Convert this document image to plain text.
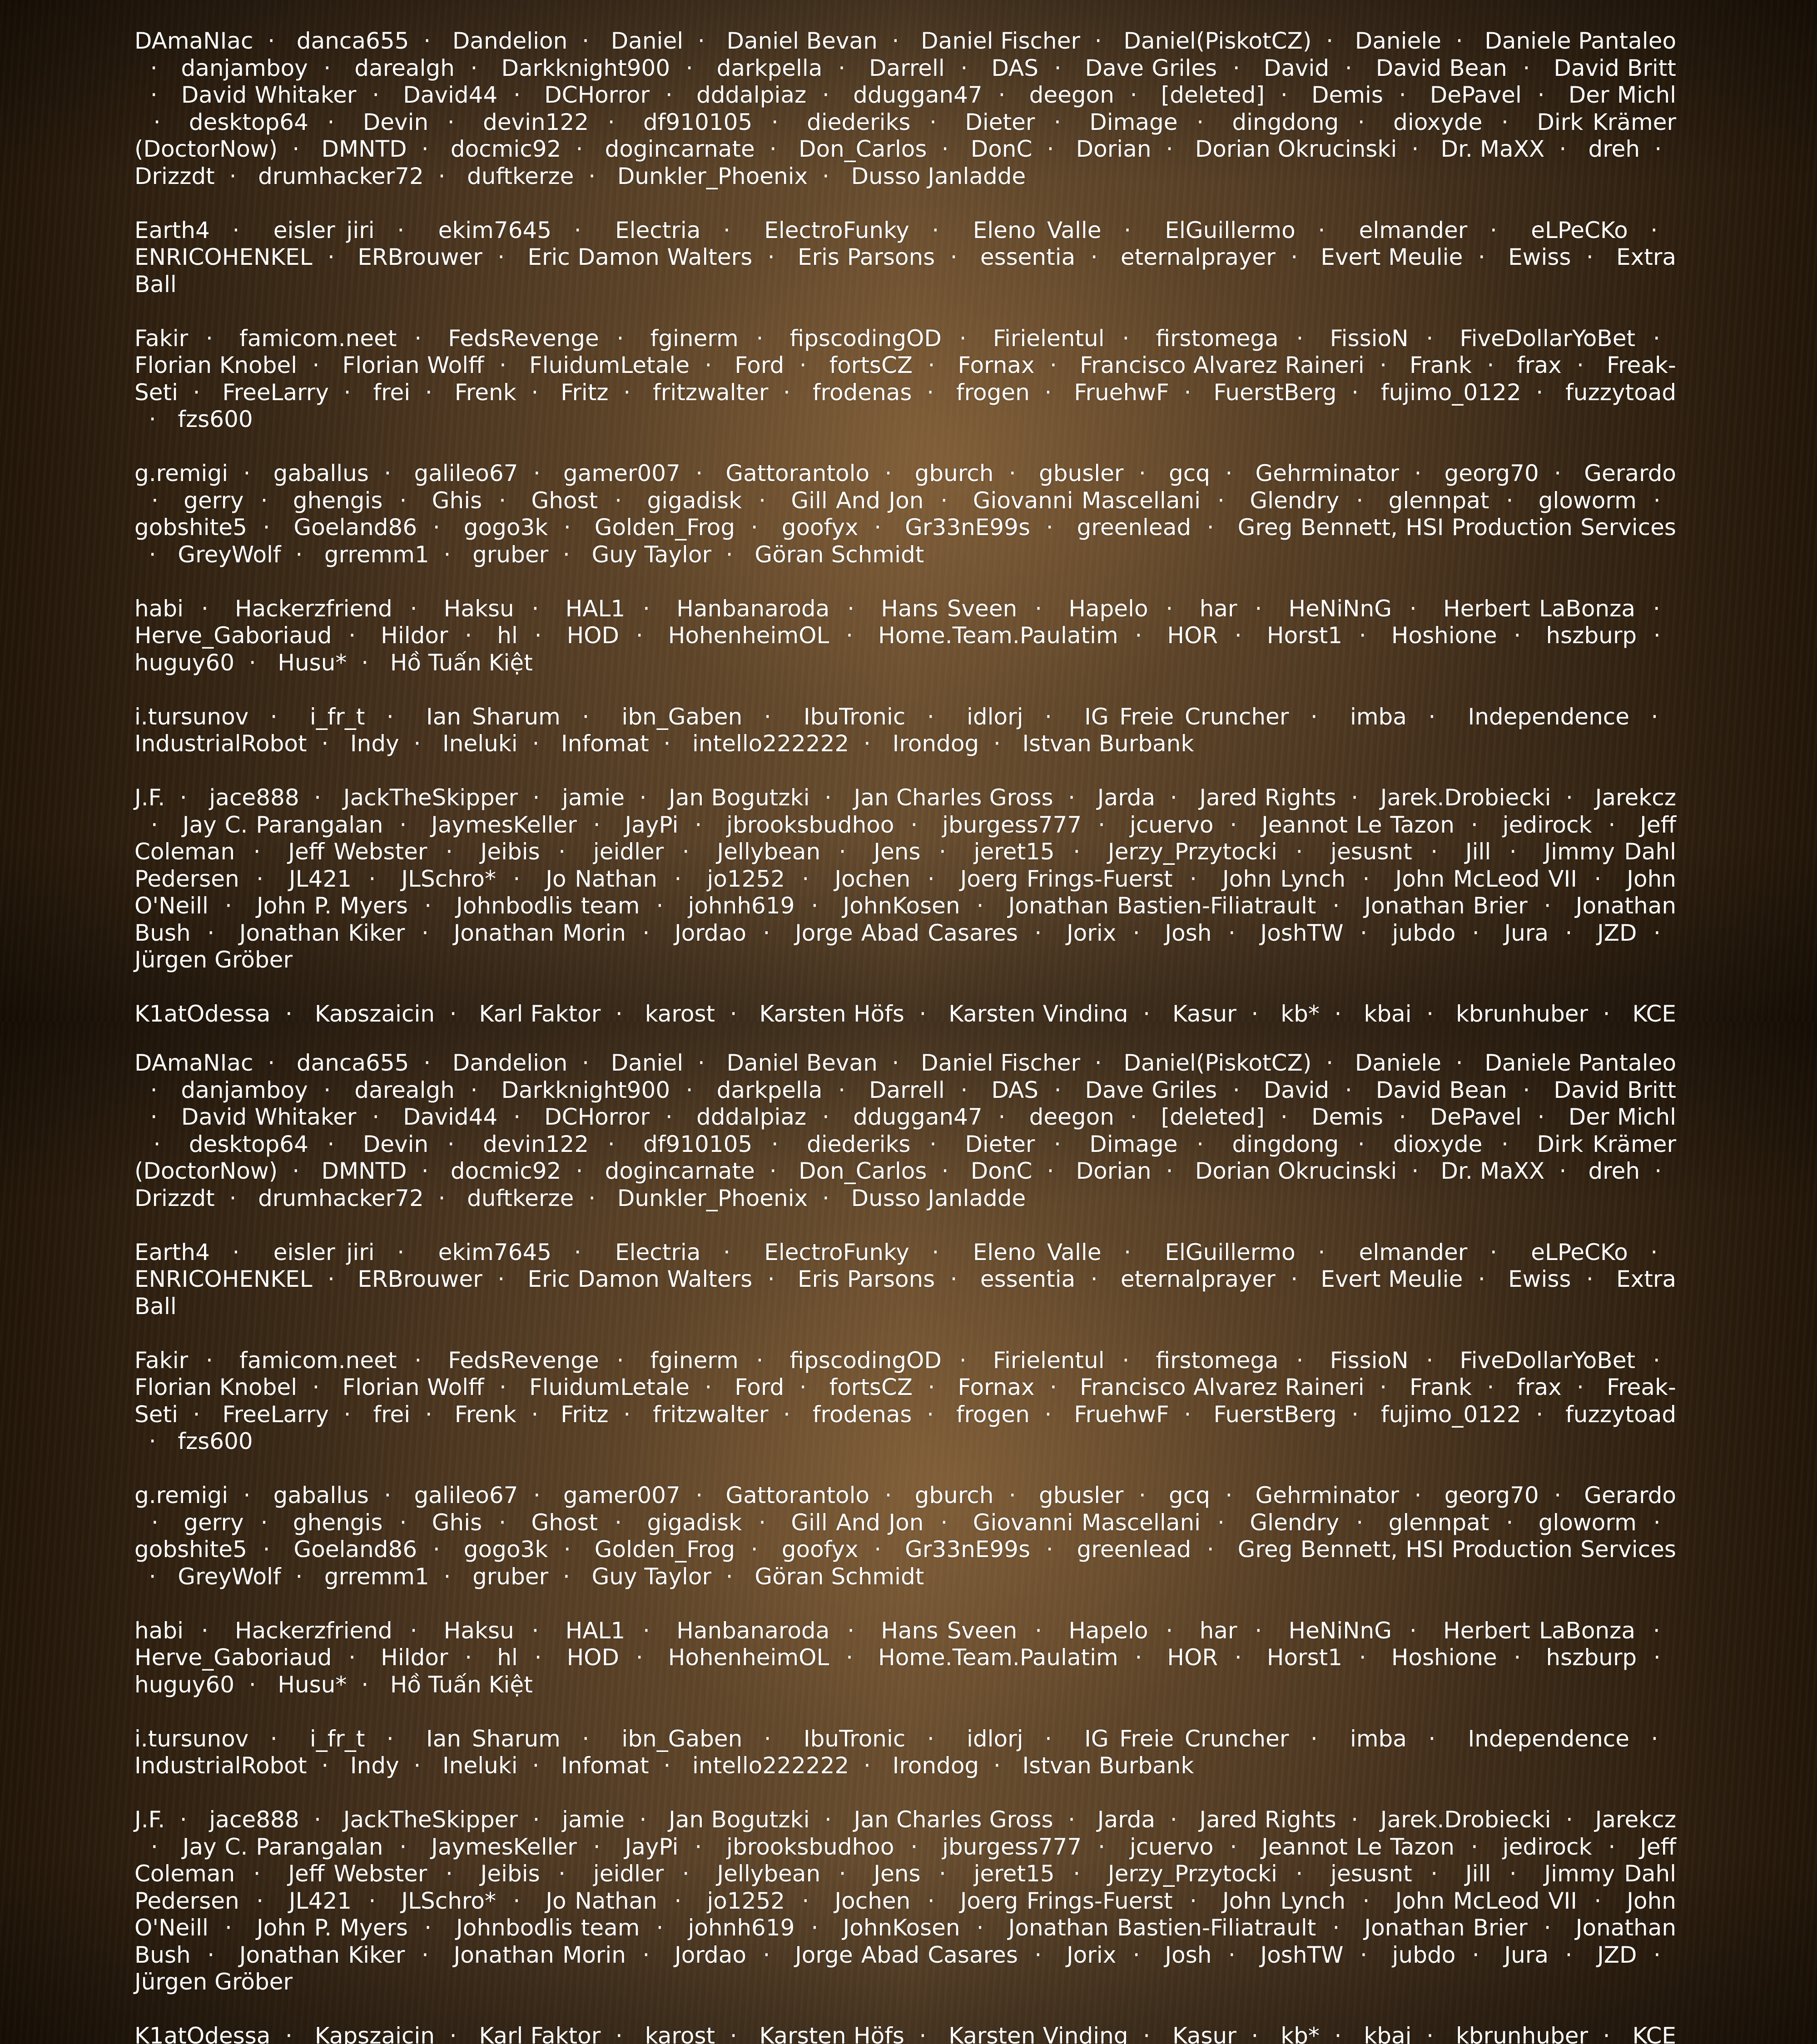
DAmaNIac  ·   danca655  ·   Dandelion  ·   Daniel  ·   Daniel Bevan  ·   Daniel Fischer  ·   Daniel(PiskotCZ)  ·   Daniele  ·   Daniele Pantaleo  ·   danjamboy  ·   darealgh  ·   Darkknight900  ·   darkpella  ·   Darrell  ·   DAS  ·   Dave Griles  ·   David  ·   David Bean  ·   David Britt  ·   David Whitaker  ·   David44  ·   DCHorror  ·   dddalpiaz  ·   dduggan47  ·   deegon  ·   [deleted]  ·   Demis  ·   DePavel  ·   Der Michl  ·   desktop64  ·   Devin  ·   devin122  ·   df910105  ·   diederiks  ·   Dieter  ·   Dimage  ·   dingdong  ·   dioxyde  ·   Dirk Krämer (DoctorNow)  ·   DMNTD  ·   docmic92  ·   dogincarnate  ·   Don_Carlos  ·   DonC  ·   Dorian  ·   Dorian Okrucinski  ·   Dr. MaXX  ·   dreh  ·   Drizzdt  ·   drumhacker72  ·   duftkerze  ·   Dunkler_Phoenix  ·   Dusso Janladde
Earth4  ·   eisler jiri  ·   ekim7645  ·   Electria  ·   ElectroFunky  ·   Eleno Valle  ·   ElGuillermo  ·   elmander  ·   eLPeCKo  ·   ENRICOHENKEL  ·   ERBrouwer  ·   Eric Damon Walters  ·   Eris Parsons  ·   essentia  ·   eternalprayer  ·   Evert Meulie  ·   Ewiss  ·   Extra Ball
Fakir  ·   famicom.neet  ·   FedsRevenge  ·   fginerm  ·   fipscodingOD  ·   Firielentul  ·   firstomega  ·   FissioN  ·   FiveDollarYoBet  ·   Florian Knobel  ·   Florian Wolff  ·   FluidumLetale  ·   Ford  ·   fortsCZ  ·   Fornax  ·   Francisco Alvarez Raineri  ·   Frank  ·   frax  ·   Freak-Seti  ·   FreeLarry  ·   frei  ·   Frenk  ·   Fritz  ·   fritzwalter  ·   frodenas  ·   frogen  ·   FruehwF  ·   FuerstBerg  ·   fujimo_0122  ·   fuzzytoad  ·   fzs600
g.remigi  ·   gaballus  ·   galileo67  ·   gamer007  ·   Gattorantolo  ·   gburch  ·   gbusler  ·   gcq  ·   Gehrminator  ·   georg70  ·   Gerardo  ·   gerry  ·   ghengis  ·   Ghis  ·   Ghost  ·   gigadisk  ·   Gill And Jon  ·   Giovanni Mascellani  ·   Glendry  ·   glennpat  ·   gloworm  ·   gobshite5  ·   Goeland86  ·   gogo3k  ·   Golden_Frog  ·   goofyx  ·   Gr33nE99s  ·   greenlead  ·   Greg Bennett, HSI Production Services  ·   GreyWolf  ·   grremm1  ·   gruber  ·   Guy Taylor  ·   Göran Schmidt
habi  ·   Hackerzfriend  ·   Haksu  ·   HAL1  ·   Hanbanaroda  ·   Hans Sveen  ·   Hapelo  ·   har  ·   HeNiNnG  ·   Herbert LaBonza  ·   Herve_Gaboriaud  ·   Hildor  ·   hl  ·   HOD  ·   HohenheimOL  ·   Home.Team.Paulatim  ·   HOR  ·   Horst1  ·   Hoshione  ·   hszburp  ·   huguy60  ·   Husu*  ·   Hồ Tuấn Kiệt
i.tursunov  ·   i_fr_t  ·   Ian Sharum  ·   ibn_Gaben  ·   IbuTronic  ·   idlorj  ·   IG Freie Cruncher  ·   imba  ·   Independence  ·   IndustrialRobot  ·   Indy  ·   Ineluki  ·   Infomat  ·   intello222222  ·   Irondog  ·   Istvan Burbank
J.F.  ·   jace888  ·   JackTheSkipper  ·   jamie  ·   Jan Bogutzki  ·   Jan Charles Gross  ·   Jarda  ·   Jared Rights  ·   Jarek.Drobiecki  ·   Jarekcz  ·   Jay C. Parangalan  ·   JaymesKeller  ·   JayPi  ·   jbrooksbudhoo  ·   jburgess777  ·   jcuervo  ·   Jeannot Le Tazon  ·   jedirock  ·   Jeff Coleman  ·   Jeff Webster  ·   Jeibis  ·   jeidler  ·   Jellybean  ·   Jens  ·   jeret15  ·   Jerzy_Przytocki  ·   jesusnt  ·   Jill  ·   Jimmy Dahl Pedersen  ·   JL421  ·   JLSchro*  ·   Jo Nathan  ·   jo1252  ·   Jochen  ·   Joerg Frings-Fuerst  ·   John Lynch  ·   John McLeod VII  ·   John O'Neill  ·   John P. Myers  ·   Johnbodlis team  ·   johnh619  ·   JohnKosen  ·   Jonathan Bastien-Filiatrault  ·   Jonathan Brier  ·   Jonathan Bush  ·   Jonathan Kiker  ·   Jonathan Morin  ·   Jordao  ·   Jorge Abad Casares  ·   Jorix  ·   Josh  ·   JoshTW  ·   jubdo  ·   Jura  ·   JZD  ·   Jürgen Gröber
K1atOdessa  ·   Kapszaicin  ·   Karl Faktor  ·   karost  ·   Karsten Höfs  ·   Karsten Vinding  ·   Kasur  ·   kb*  ·   kbaj  ·   kbrunhuber  ·   KCE
DAmaNIac  ·   danca655  ·   Dandelion  ·   Daniel  ·   Daniel Bevan  ·   Daniel Fischer  ·   Daniel(PiskotCZ)  ·   Daniele  ·   Daniele Pantaleo  ·   danjamboy  ·   darealgh  ·   Darkknight900  ·   darkpella  ·   Darrell  ·   DAS  ·   Dave Griles  ·   David  ·   David Bean  ·   David Britt  ·   David Whitaker  ·   David44  ·   DCHorror  ·   dddalpiaz  ·   dduggan47  ·   deegon  ·   [deleted]  ·   Demis  ·   DePavel  ·   Der Michl  ·   desktop64  ·   Devin  ·   devin122  ·   df910105  ·   diederiks  ·   Dieter  ·   Dimage  ·   dingdong  ·   dioxyde  ·   Dirk Krämer (DoctorNow)  ·   DMNTD  ·   docmic92  ·   dogincarnate  ·   Don_Carlos  ·   DonC  ·   Dorian  ·   Dorian Okrucinski  ·   Dr. MaXX  ·   dreh  ·   Drizzdt  ·   drumhacker72  ·   duftkerze  ·   Dunkler_Phoenix  ·   Dusso Janladde
Earth4  ·   eisler jiri  ·   ekim7645  ·   Electria  ·   ElectroFunky  ·   Eleno Valle  ·   ElGuillermo  ·   elmander  ·   eLPeCKo  ·   ENRICOHENKEL  ·   ERBrouwer  ·   Eric Damon Walters  ·   Eris Parsons  ·   essentia  ·   eternalprayer  ·   Evert Meulie  ·   Ewiss  ·   Extra Ball
Fakir  ·   famicom.neet  ·   FedsRevenge  ·   fginerm  ·   fipscodingOD  ·   Firielentul  ·   firstomega  ·   FissioN  ·   FiveDollarYoBet  ·   Florian Knobel  ·   Florian Wolff  ·   FluidumLetale  ·   Ford  ·   fortsCZ  ·   Fornax  ·   Francisco Alvarez Raineri  ·   Frank  ·   frax  ·   Freak-Seti  ·   FreeLarry  ·   frei  ·   Frenk  ·   Fritz  ·   fritzwalter  ·   frodenas  ·   frogen  ·   FruehwF  ·   FuerstBerg  ·   fujimo_0122  ·   fuzzytoad  ·   fzs600
g.remigi  ·   gaballus  ·   galileo67  ·   gamer007  ·   Gattorantolo  ·   gburch  ·   gbusler  ·   gcq  ·   Gehrminator  ·   georg70  ·   Gerardo  ·   gerry  ·   ghengis  ·   Ghis  ·   Ghost  ·   gigadisk  ·   Gill And Jon  ·   Giovanni Mascellani  ·   Glendry  ·   glennpat  ·   gloworm  ·   gobshite5  ·   Goeland86  ·   gogo3k  ·   Golden_Frog  ·   goofyx  ·   Gr33nE99s  ·   greenlead  ·   Greg Bennett, HSI Production Services  ·   GreyWolf  ·   grremm1  ·   gruber  ·   Guy Taylor  ·   Göran Schmidt
habi  ·   Hackerzfriend  ·   Haksu  ·   HAL1  ·   Hanbanaroda  ·   Hans Sveen  ·   Hapelo  ·   har  ·   HeNiNnG  ·   Herbert LaBonza  ·   Herve_Gaboriaud  ·   Hildor  ·   hl  ·   HOD  ·   HohenheimOL  ·   Home.Team.Paulatim  ·   HOR  ·   Horst1  ·   Hoshione  ·   hszburp  ·   huguy60  ·   Husu*  ·   Hồ Tuấn Kiệt
i.tursunov  ·   i_fr_t  ·   Ian Sharum  ·   ibn_Gaben  ·   IbuTronic  ·   idlorj  ·   IG Freie Cruncher  ·   imba  ·   Independence  ·   IndustrialRobot  ·   Indy  ·   Ineluki  ·   Infomat  ·   intello222222  ·   Irondog  ·   Istvan Burbank
J.F.  ·   jace888  ·   JackTheSkipper  ·   jamie  ·   Jan Bogutzki  ·   Jan Charles Gross  ·   Jarda  ·   Jared Rights  ·   Jarek.Drobiecki  ·   Jarekcz  ·   Jay C. Parangalan  ·   JaymesKeller  ·   JayPi  ·   jbrooksbudhoo  ·   jburgess777  ·   jcuervo  ·   Jeannot Le Tazon  ·   jedirock  ·   Jeff Coleman  ·   Jeff Webster  ·   Jeibis  ·   jeidler  ·   Jellybean  ·   Jens  ·   jeret15  ·   Jerzy_Przytocki  ·   jesusnt  ·   Jill  ·   Jimmy Dahl Pedersen  ·   JL421  ·   JLSchro*  ·   Jo Nathan  ·   jo1252  ·   Jochen  ·   Joerg Frings-Fuerst  ·   John Lynch  ·   John McLeod VII  ·   John O'Neill  ·   John P. Myers  ·   Johnbodlis team  ·   johnh619  ·   JohnKosen  ·   Jonathan Bastien-Filiatrault  ·   Jonathan Brier  ·   Jonathan Bush  ·   Jonathan Kiker  ·   Jonathan Morin  ·   Jordao  ·   Jorge Abad Casares  ·   Jorix  ·   Josh  ·   JoshTW  ·   jubdo  ·   Jura  ·   JZD  ·   Jürgen Gröber
K1atOdessa  ·   Kapszaicin  ·   Karl Faktor  ·   karost  ·   Karsten Höfs  ·   Karsten Vinding  ·   Kasur  ·   kb*  ·   kbaj  ·   kbrunhuber  ·   KCE
